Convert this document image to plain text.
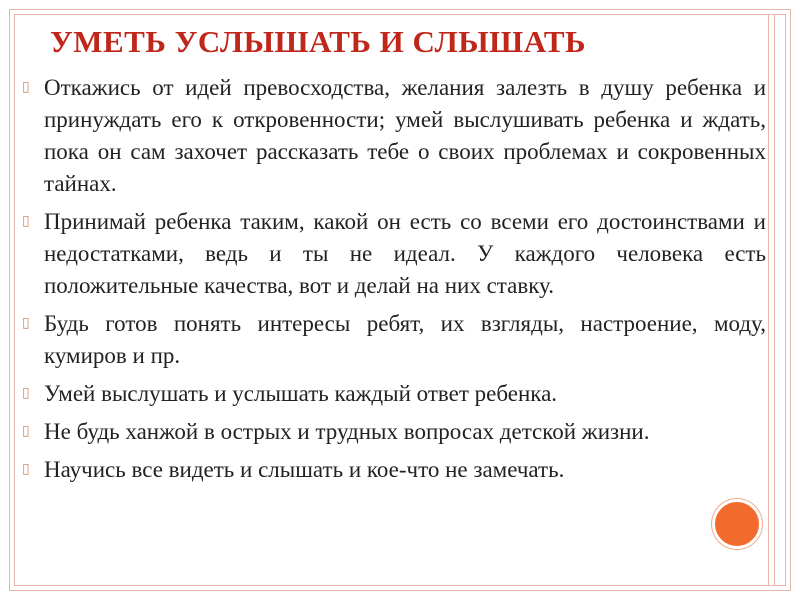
УМЕТЬ УСЛЫШАТЬ И СЛЫШАТЬ
▯ Откажись от идей превосходства, желания залезть в душу ребенка и принуждать его к откровенности; умей выслушивать ребенка и ждать, пока он сам захочет рассказать тебе о своих проблемах и сокровенных тайнах.
▯ Принимай ребенка таким, какой он есть со всеми его достоинствами и недостатками, ведь и ты не идеал. У каждого человека есть положительные качества, вот и делай на них ставку.
▯ Будь готов понять интересы ребят, их взгляды, настроение, моду, кумиров и пр.
▯ Умей выслушать и услышать каждый ответ ребенка.
▯ Не будь ханжой в острых и трудных вопросах детской жизни.
▯ Научись все видеть и слышать и кое-что не замечать.
